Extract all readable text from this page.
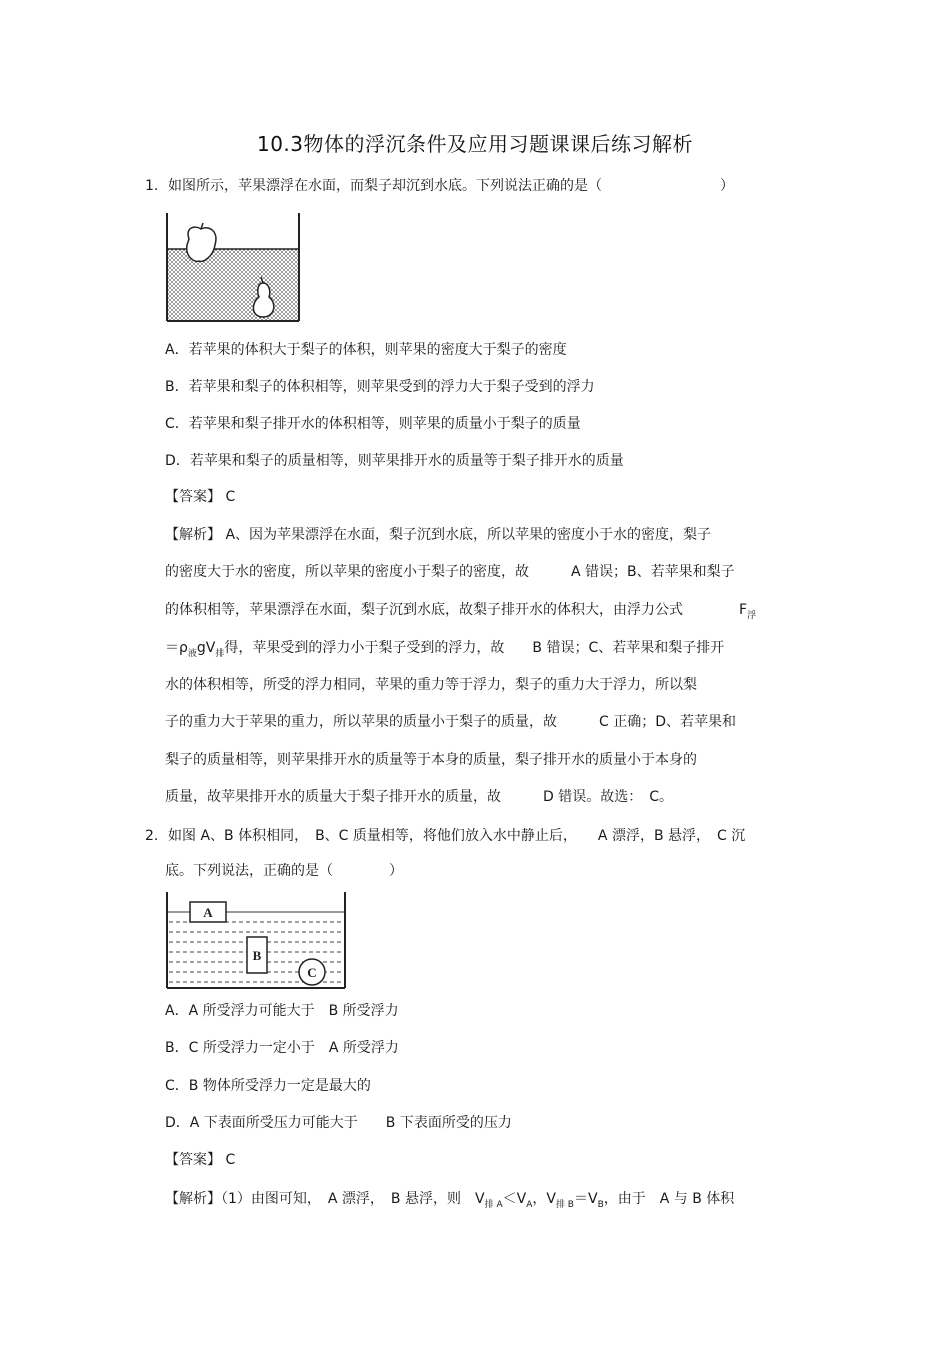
10.3物体的浮沉条件及应用习题课课后练习解析
1. 如图所示，苹果漂浮在水面，而梨子却沉到水底。下列说法正确的是（	）
A．若苹果的体积大于梨子的体积，则苹果的密度大于梨子的密度
B．若苹果和梨子的体积相等，则苹果受到的浮力大于梨子受到的浮力
C．若苹果和梨子排开水的体积相等，则苹果的质量小于梨子的质量
D．若苹果和梨子的质量相等，则苹果排开水的质量等于梨子排开水的质量
【答案】 C
【解析】 A、因为苹果漂浮在水面，梨子沉到水底，所以苹果的密度小于水的密度，梨子
的密度大于水的密度，所以苹果的密度小于梨子的密度，故　　　A 错误；B、若苹果和梨子
的体积相等，苹果漂浮在水面，梨子沉到水底，故梨子排开水的体积大，由浮力公式　　　　$F_浮$
$=\rho_液gV_排$得，苹果受到的浮力小于梨子受到的浮力，故　　B 错误；C、若苹果和梨子排开
水的体积相等，所受的浮力相同，苹果的重力等于浮力，梨子的重力大于浮力，所以梨
子的重力大于苹果的重力，所以苹果的质量小于梨子的质量，故　　　C 正确；D、若苹果和
梨子的质量相等，则苹果排开水的质量等于本身的质量，梨子排开水的质量小于本身的
质量，故苹果排开水的质量大于梨子排开水的质量，故　　　D 错误。故选：　C。
2. 如图 A、B 体积相同，　B、C 质量相等，将他们放入水中静止后，　　A 漂浮，B 悬浮，　C 沉
底。下列说法，正确的是（　　　　）
A
B
C
A．A 所受浮力可能大于　B 所受浮力
B．C 所受浮力一定小于　A 所受浮力
C．B 物体所受浮力一定是最大的
D．A 下表面所受压力可能大于　　B 下表面所受的压力
【答案】 C
【解析】（1）由图可知，　A 漂浮，　B 悬浮，则　$V_{排 A}<V_A$，$V_{排 B}=V_B$，由于　A 与 B 体积
